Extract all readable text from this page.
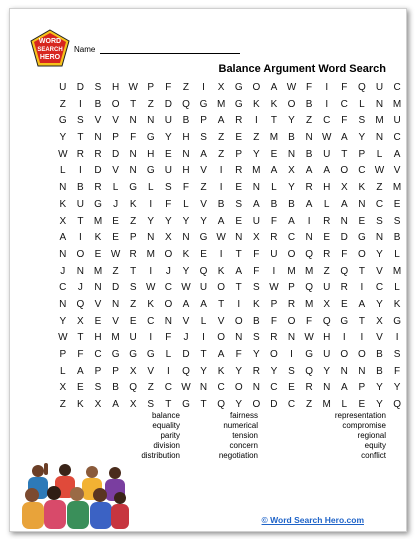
WORD
SEARCH
HERO
Name
Balance Argument Word Search
U	D	S	H W P	F	Z	I	X	G O	A W F	I	F	Q	U	C
Z	I	B	O	T	Z	D	Q G M G	K	K	O	B	I	C	L	N M
G	S	V	V	N	N	U	B	P	A	R	I	T	Y	Z	C	F	S	M U
Y	T	N	P	F	G	Y	H	S	Z	E	Z	M	B	N W A	Y	N	C
W R	R	D	N	H	E	N	A	Z	P	Y	E	N	B	U	T	P	L	A
L	I	D	V	N	G	U	H	V	I	R M	A	X	A	A	O	C W V
N	B	R	L	G	L	S	F	Z	I	E	N	L	Y	R	H	X	K	Z	M
K	U	G	J	K	I	F	L	V	B	S	A	B	B	A	L	A	N	C	E
X	T	M	E	Z	Y	Y	Y	Y	A	E	U	F	A	I	R	N	E	S	S
A	I	K	E	P	N	X	N	G W N	X	R	C	N	E	D	G	N	B
N	O	E W R M O	K	E	I	T	F	U	O Q	R	F	O	Y	L
J	N M	Z	T	I	J	Y	Q	K	A	F	I	M M	Z	Q	T	V	M
C	J	N	D	S W C W U	O	T	S W P	Q	U	R	I	C	L
N	Q	V	N	Z	K	O	A	A	T	I	K	P	R M	X	E	A	Y	K
Y	X	E	V	E	C	N	V	L	V	O	B	F	O	F	Q G	T	X	G
W T	H M U	I	F	J	I	O	N	S	R	N W H	I	I	V	I
P	F	C	G G G	L	D	T	A	F	Y	O	I	G	U	O O	B	S
L	A	P	P	X	V	I	Q	Y	K	Y	R	Y	S	Q	Y	N	N	B	F
X	E	S	B	Q	Z	C W N	C	O	N	C	E	R	N	A	P	Y	Y
Z	K	X	A	X	S	T	G	T	Q	Y	O	D	C	Z	M	L	E	Y	Q
balance
equality
parity
division
distribution
fairness
numerical
tension
concern
negotiation
representation
compromise
regional
equity
conflict
© Word Search Hero.com
